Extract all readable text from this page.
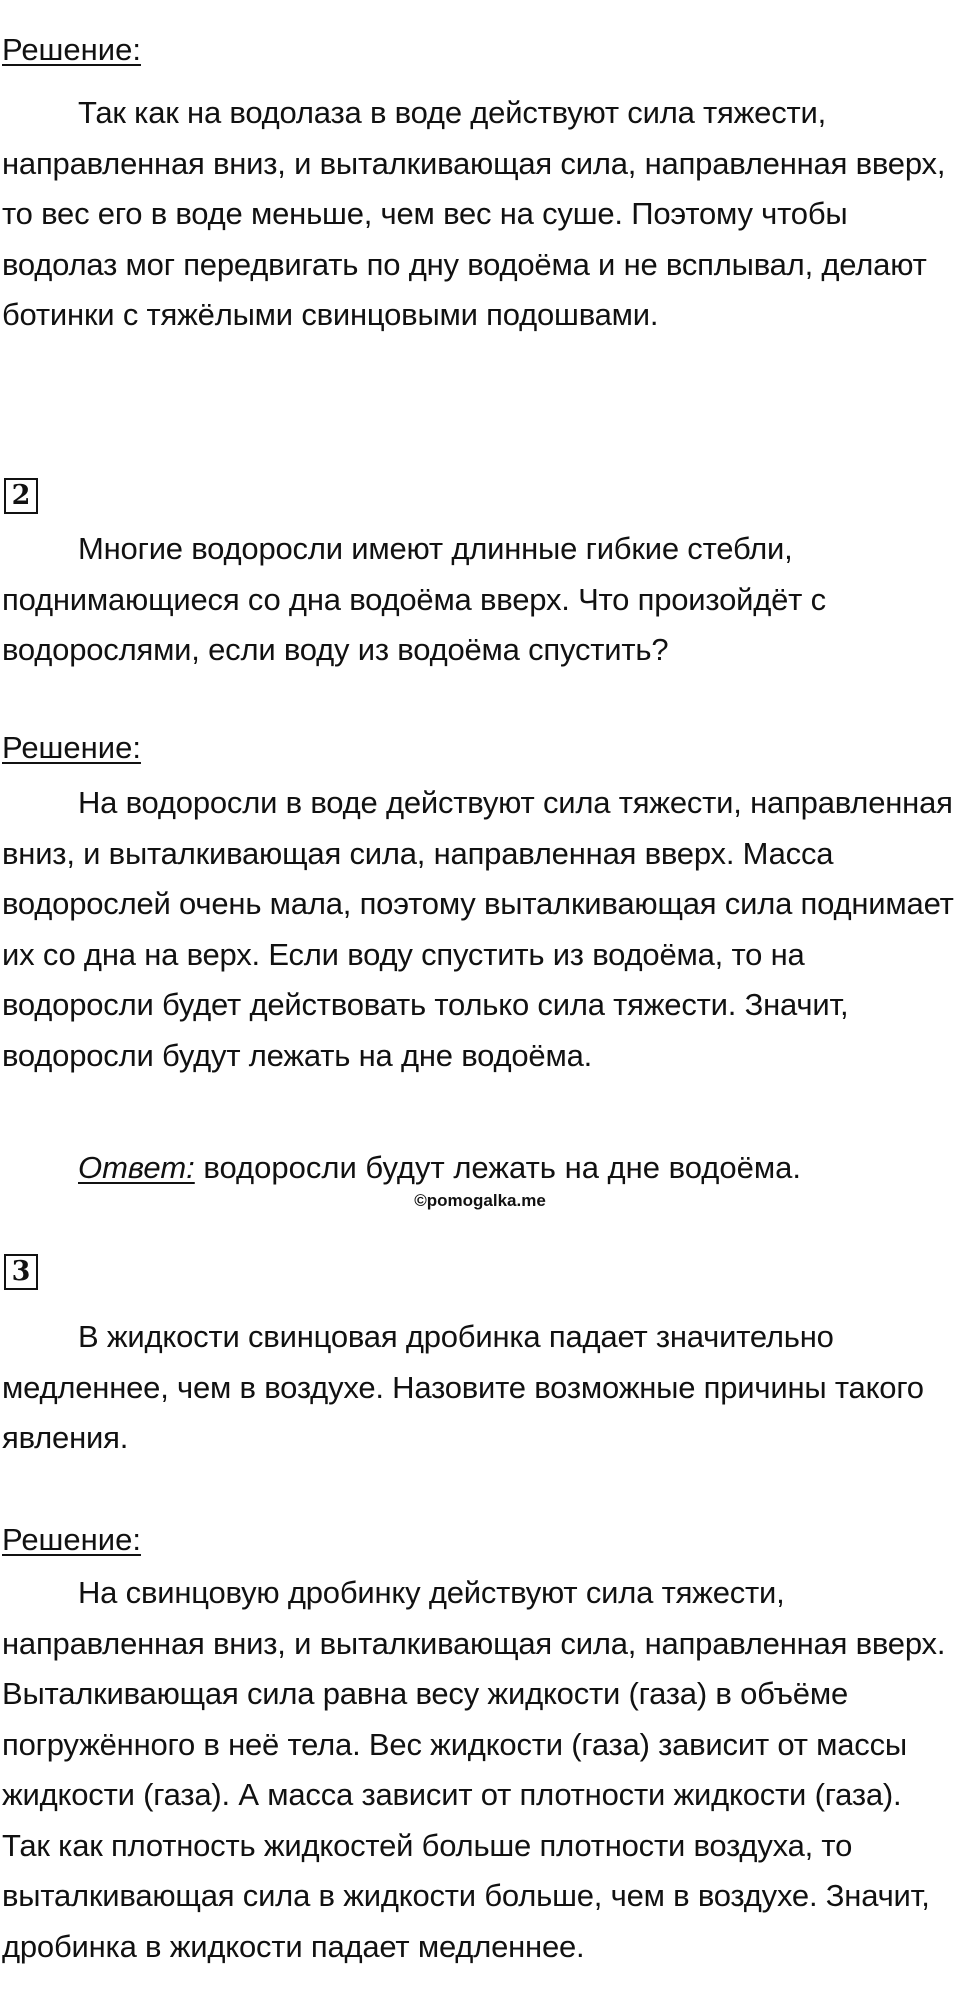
Решение:

Так как на водолаза в воде действуют сила тяжести, направленная вниз, и выталкивающая сила, направленная вверх, то вес его в воде меньше, чем вес на суше. Поэтому чтобы водолаз мог передвигать по дну водоёма и не всплывал, делают ботинки с тяжёлыми свинцовыми подошвами.

2

Многие водоросли имеют длинные гибкие стебли, поднимающиеся со дна водоёма вверх. Что произойдёт с водорослями, если воду из водоёма спустить?

Решение:

На водоросли в воде действуют сила тяжести, направленная вниз, и выталкивающая сила, направленная вверх. Масса водорослей очень мала, поэтому выталкивающая сила поднимает их со дна на верх. Если воду спустить из водоёма, то на водоросли будет действовать только сила тяжести. Значит, водоросли будут лежать на дне водоёма.

Ответ: водоросли будут лежать на дне водоёма.
©pomogalka.me
3

В жидкости свинцовая дробинка падает значительно медленнее, чем в воздухе. Назовите возможные причины такого явления.

Решение:

На свинцовую дробинку действуют сила тяжести, направленная вниз, и выталкивающая сила, направленная вверх. Выталкивающая сила равна весу жидкости (газа) в объёме погружённого в неё тела. Вес жидкости (газа) зависит от массы жидкости (газа). А масса зависит от плотности жидкости (газа). Так как плотность жидкостей больше плотности воздуха, то выталкивающая сила в жидкости больше, чем в воздухе. Значит, дробинка в жидкости падает медленнее.
